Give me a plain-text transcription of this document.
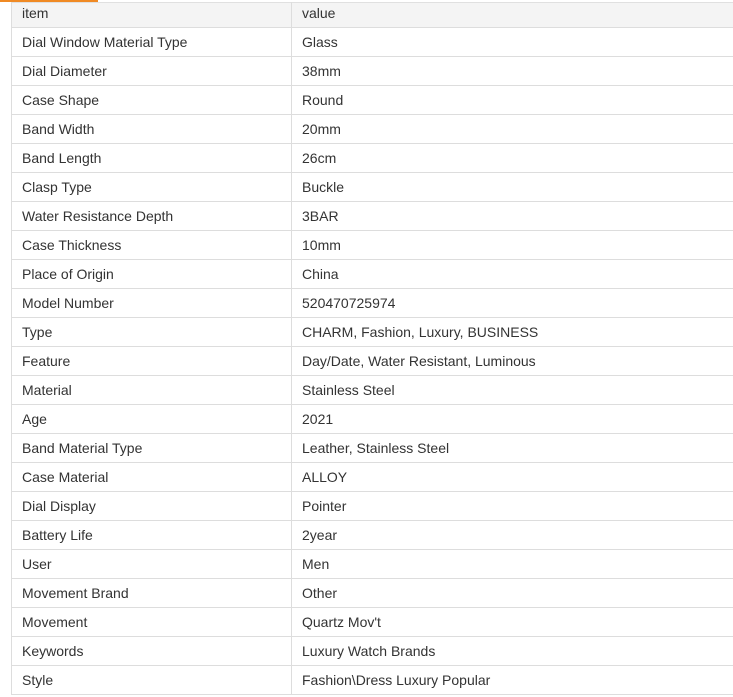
item	value
Dial Window Material Type	Glass
Dial Diameter	38mm
Case Shape	Round
Band Width	20mm
Band Length	26cm
Clasp Type	Buckle
Water Resistance Depth	3BAR
Case Thickness	10mm
Place of Origin	China
Model Number	520470725974
Type	CHARM, Fashion, Luxury, BUSINESS
Feature	Day/Date, Water Resistant, Luminous
Material	Stainless Steel
Age	2021
Band Material Type	Leather, Stainless Steel
Case Material	ALLOY
Dial Display	Pointer
Battery Life	2year
User	Men
Movement Brand	Other
Movement	Quartz Mov't
Keywords	Luxury Watch Brands
Style	Fashion\Dress Luxury Popular
